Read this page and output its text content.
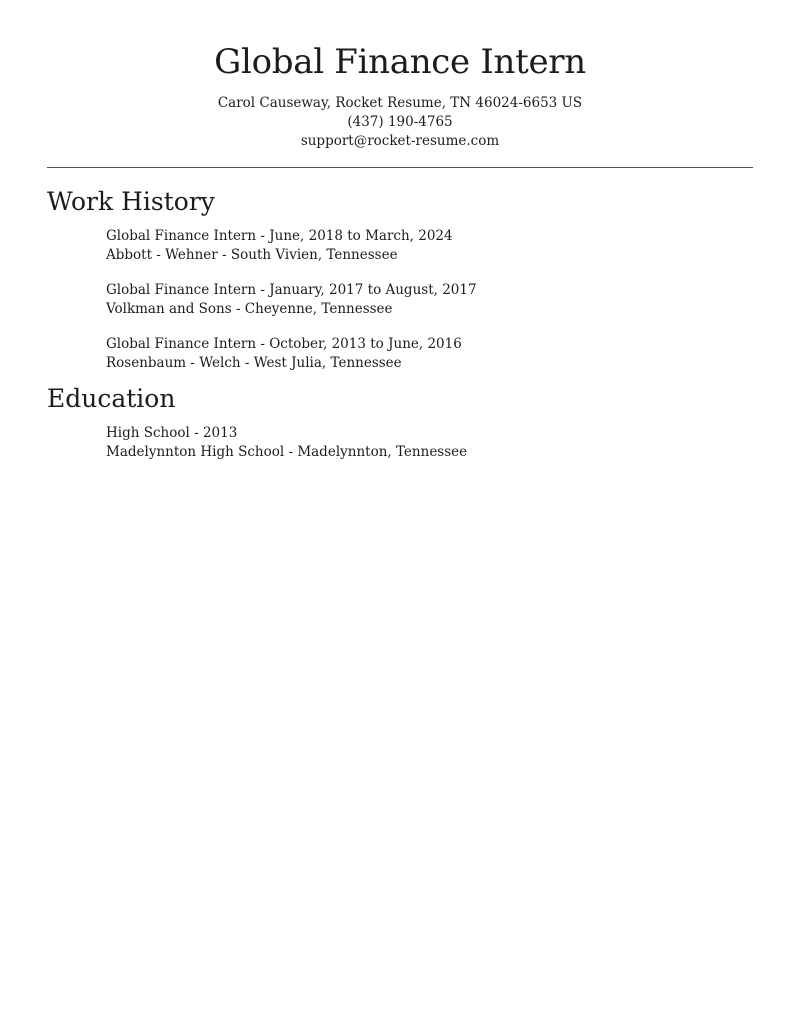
Global Finance Intern
Carol Causeway, Rocket Resume, TN 46024-6653 US
(437) 190-4765
support@rocket-resume.com
Work History
Global Finance Intern - June, 2018 to March, 2024
Abbott - Wehner - South Vivien, Tennessee
Global Finance Intern - January, 2017 to August, 2017
Volkman and Sons - Cheyenne, Tennessee
Global Finance Intern - October, 2013 to June, 2016
Rosenbaum - Welch - West Julia, Tennessee
Education
High School - 2013
Madelynnton High School - Madelynnton, Tennessee
